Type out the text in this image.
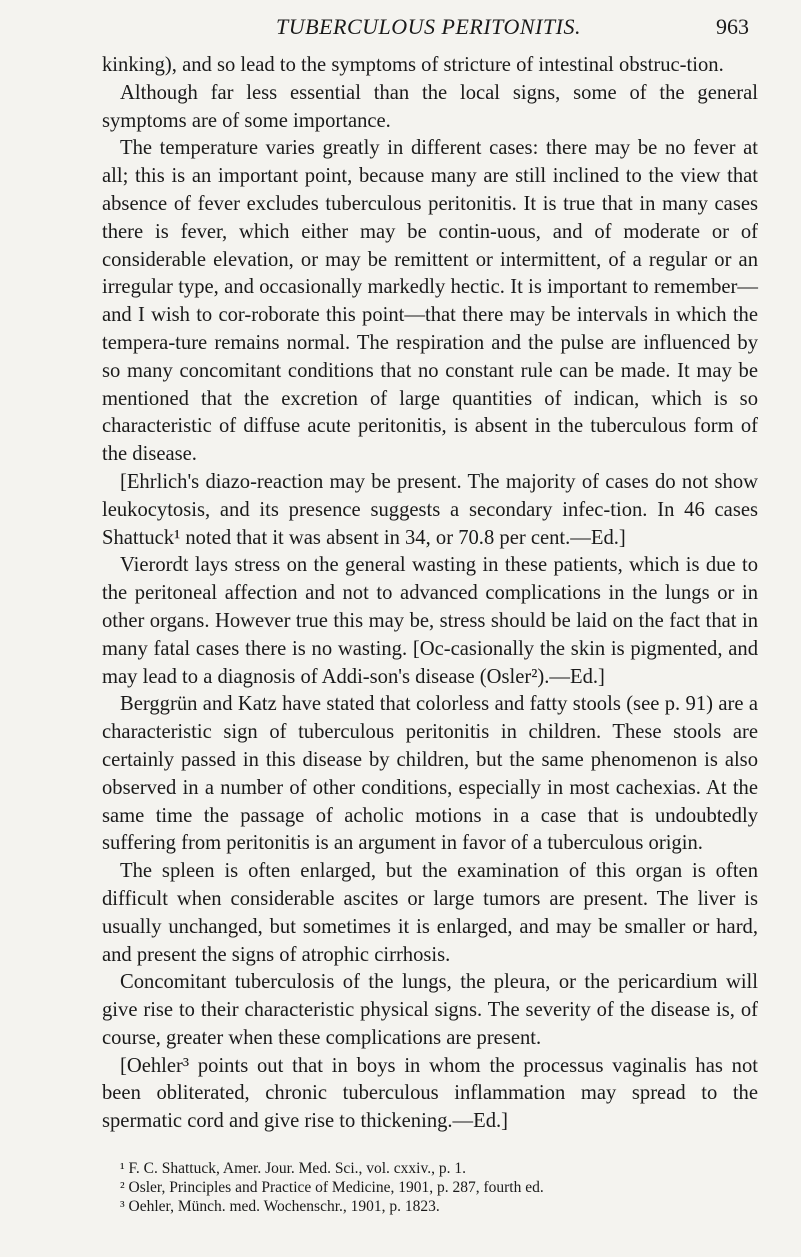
TUBERCULOUS PERITONITIS.	963

kinking), and so lead to the symptoms of stricture of intestinal obstruc-tion.

Although far less essential than the local signs, some of the general symptoms are of some importance.

The temperature varies greatly in different cases: there may be no fever at all; this is an important point, because many are still inclined to the view that absence of fever excludes tuberculous peritonitis. It is true that in many cases there is fever, which either may be contin-uous, and of moderate or of considerable elevation, or may be remittent or intermittent, of a regular or an irregular type, and occasionally markedly hectic. It is important to remember—and I wish to cor-roborate this point—that there may be intervals in which the tempera-ture remains normal. The respiration and the pulse are influenced by so many concomitant conditions that no constant rule can be made. It may be mentioned that the excretion of large quantities of indican, which is so characteristic of diffuse acute peritonitis, is absent in the tuberculous form of the disease.

[Ehrlich's diazo-reaction may be present. The majority of cases do not show leukocytosis, and its presence suggests a secondary infec-tion. In 46 cases Shattuck¹ noted that it was absent in 34, or 70.8 per cent.—Ed.]

Vierordt lays stress on the general wasting in these patients, which is due to the peritoneal affection and not to advanced complications in the lungs or in other organs. However true this may be, stress should be laid on the fact that in many fatal cases there is no wasting. [Oc-casionally the skin is pigmented, and may lead to a diagnosis of Addi-son's disease (Osler²).—Ed.]

Berggrün and Katz have stated that colorless and fatty stools (see p. 91) are a characteristic sign of tuberculous peritonitis in children. These stools are certainly passed in this disease by children, but the same phenomenon is also observed in a number of other conditions, especially in most cachexias. At the same time the passage of acholic motions in a case that is undoubtedly suffering from peritonitis is an argument in favor of a tuberculous origin.

The spleen is often enlarged, but the examination of this organ is often difficult when considerable ascites or large tumors are present. The liver is usually unchanged, but sometimes it is enlarged, and may be smaller or hard, and present the signs of atrophic cirrhosis.

Concomitant tuberculosis of the lungs, the pleura, or the pericardium will give rise to their characteristic physical signs. The severity of the disease is, of course, greater when these complications are present.

[Oehler³ points out that in boys in whom the processus vaginalis has not been obliterated, chronic tuberculous inflammation may spread to the spermatic cord and give rise to thickening.—Ed.]

¹ F. C. Shattuck, Amer. Jour. Med. Sci., vol. cxxiv., p. 1.

² Osler, Principles and Practice of Medicine, 1901, p. 287, fourth ed.

³ Oehler, Münch. med. Wochenschr., 1901, p. 1823.
